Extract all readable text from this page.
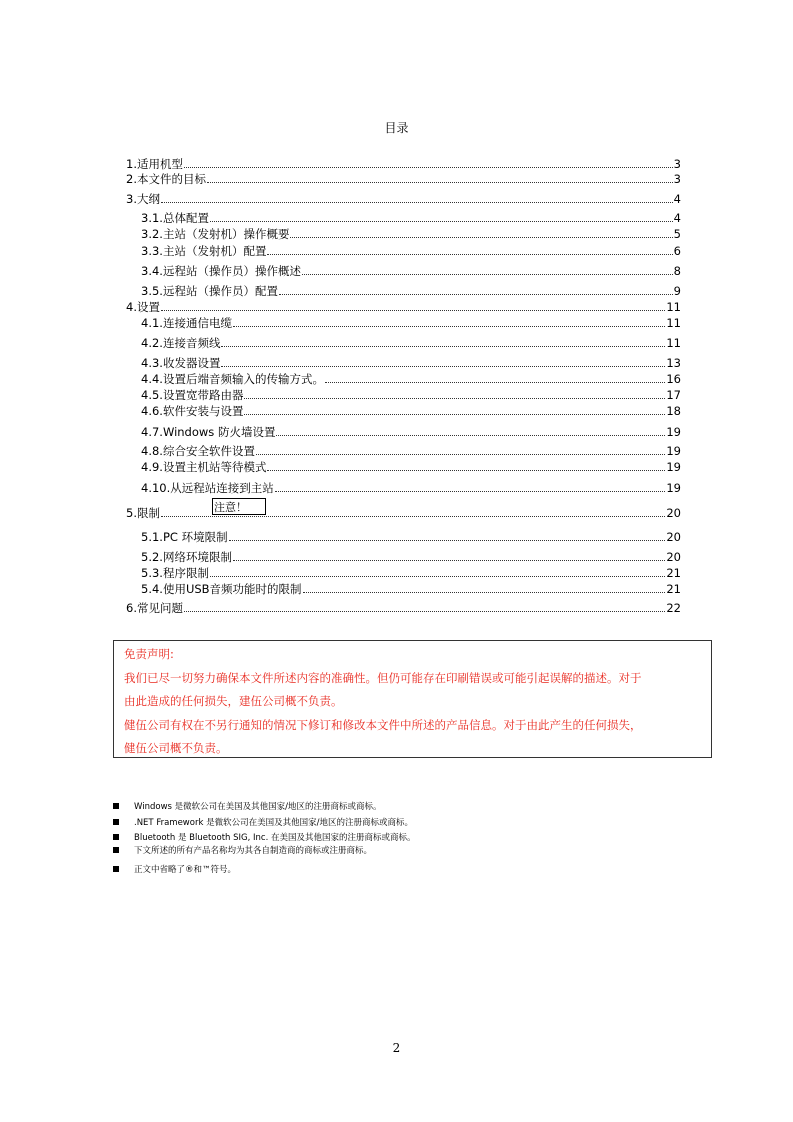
目录
1. 适用机型	3
2. 本文件的目标	3
3. 大纲	4
3.1. 总体配置	4
3.2. 主站（发射机）操作概要	5
3.3. 主站（发射机）配置	6
3.4. 远程站（操作员）操作概述	8
3.5. 远程站（操作员）配置	9
4. 设置	11
4.1. 连接通信电缆	11
4.2. 连接音频线	11
4.3. 收发器设置	13
4.4. 设置后端音频输入的传输方式。	16
4.5. 设置宽带路由器	17
4.6. 软件安装与设置	18
4.7. Windows 防火墙设置	19
4.8. 综合安全软件设置	19
4.9. 设置主机站等待模式	19
4.10. 从远程站连接到主站	19
5. 限制	20
5.1. PC 环境限制	20
5.2. 网络环境限制	20
5.3. 程序限制	21
5.4. 使用USB音频功能时的限制	21
6. 常见问题	22
注意！
免责声明:
我们已尽一切努力确保本文件所述内容的准确性。但仍可能存在印刷错误或可能引起误解的描述。对于
由此造成的任何损失，建伍公司概不负责。
健伍公司有权在不另行通知的情况下修订和修改本文件中所述的产品信息。对于由此产生的任何损失，
健伍公司概不负责。
Windows 是微软公司在美国及其他国家/地区的注册商标或商标。
.NET Framework 是微软公司在美国及其他国家/地区的注册商标或商标。
Bluetooth 是 Bluetooth SIG, Inc. 在美国及其他国家的注册商标或商标。
下文所述的所有产品名称均为其各自制造商的商标或注册商标。
正文中省略了®和™符号。
2
